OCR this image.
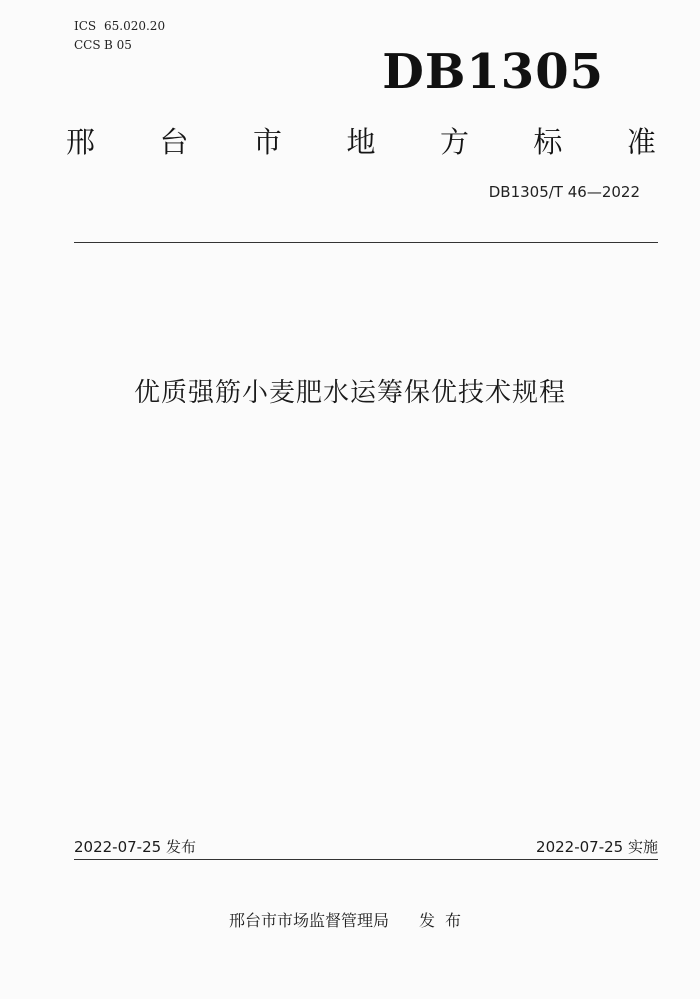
ICS 65.020.20
CCS B 05	DB1305
邢 台 市 地 方 标 准
DB1305/T 46—2022
优质强筋小麦肥水运筹保优技术规程
2022-07-25 发布	2022-07-25 实施
邢台市市场监督管理局 发布
